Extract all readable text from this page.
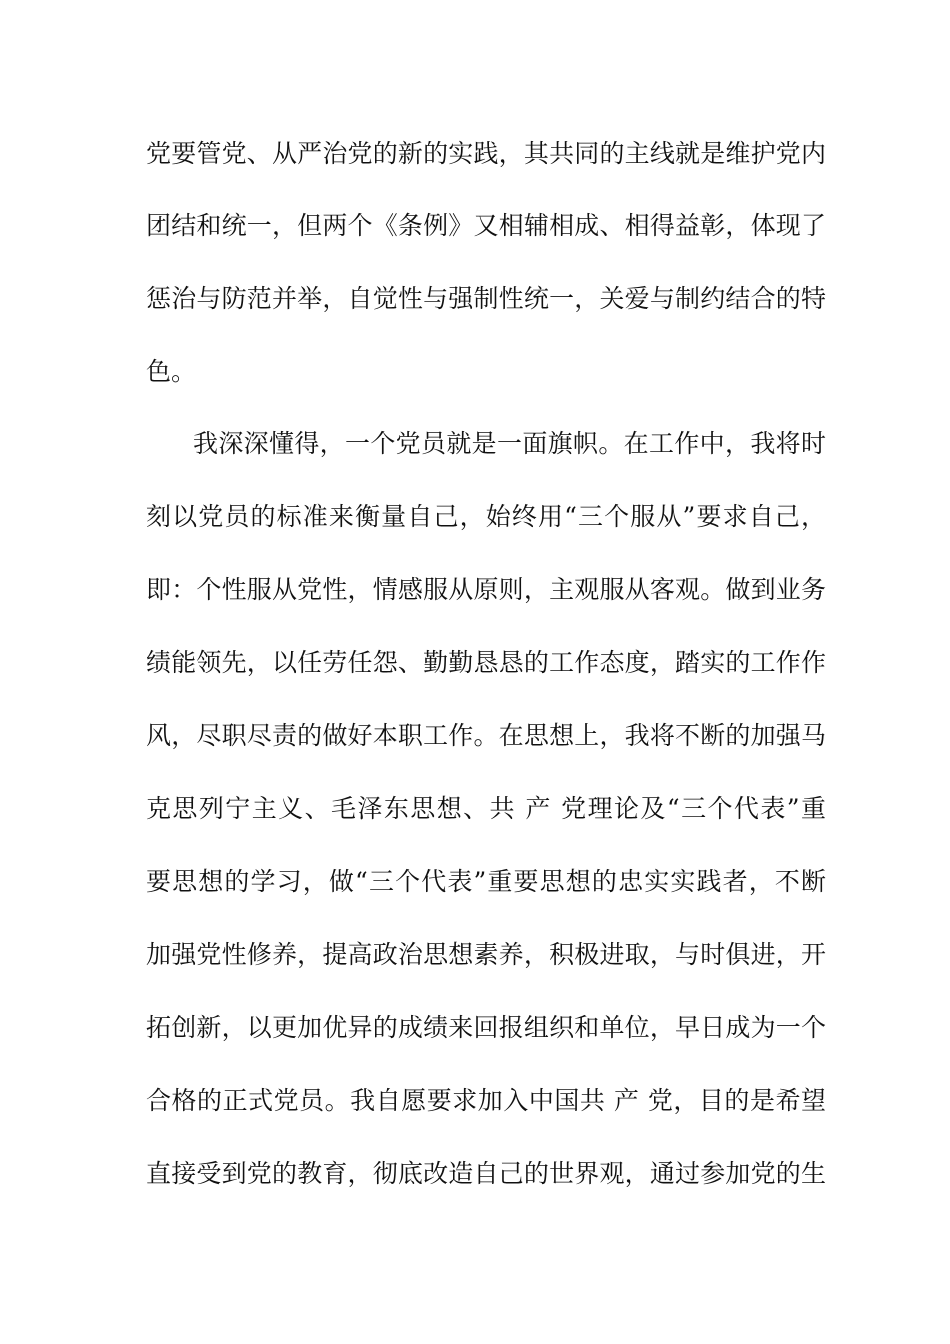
党要管党、从严治党的新的实践，其共同的主线就是维护党内
团结和统一，但两个《条例》又相辅相成、相得益彰，体现了
惩治与防范并举，自觉性与强制性统一，关爱与制约结合的特
色。
我深深懂得，一个党员就是一面旗帜。在工作中，我将时
刻以党员的标准来衡量自己，始终用“三个服从”要求自己，
即：个性服从党性，情感服从原则，主观服从客观。做到业务
绩能领先，以任劳任怨、勤勤恳恳的工作态度，踏实的工作作
风，尽职尽责的做好本职工作。在思想上，我将不断的加强马
克思列宁主义、毛泽东思想、共 产 党理论及“三个代表”重
要思想的学习，做“三个代表”重要思想的忠实实践者，不断
加强党性修养，提高政治思想素养，积极进取，与时俱进，开
拓创新，以更加优异的成绩来回报组织和单位，早日成为一个
合格的正式党员。我自愿要求加入中国共 产 党，目的是希望
直接受到党的教育，彻底改造自己的世界观，通过参加党的生
